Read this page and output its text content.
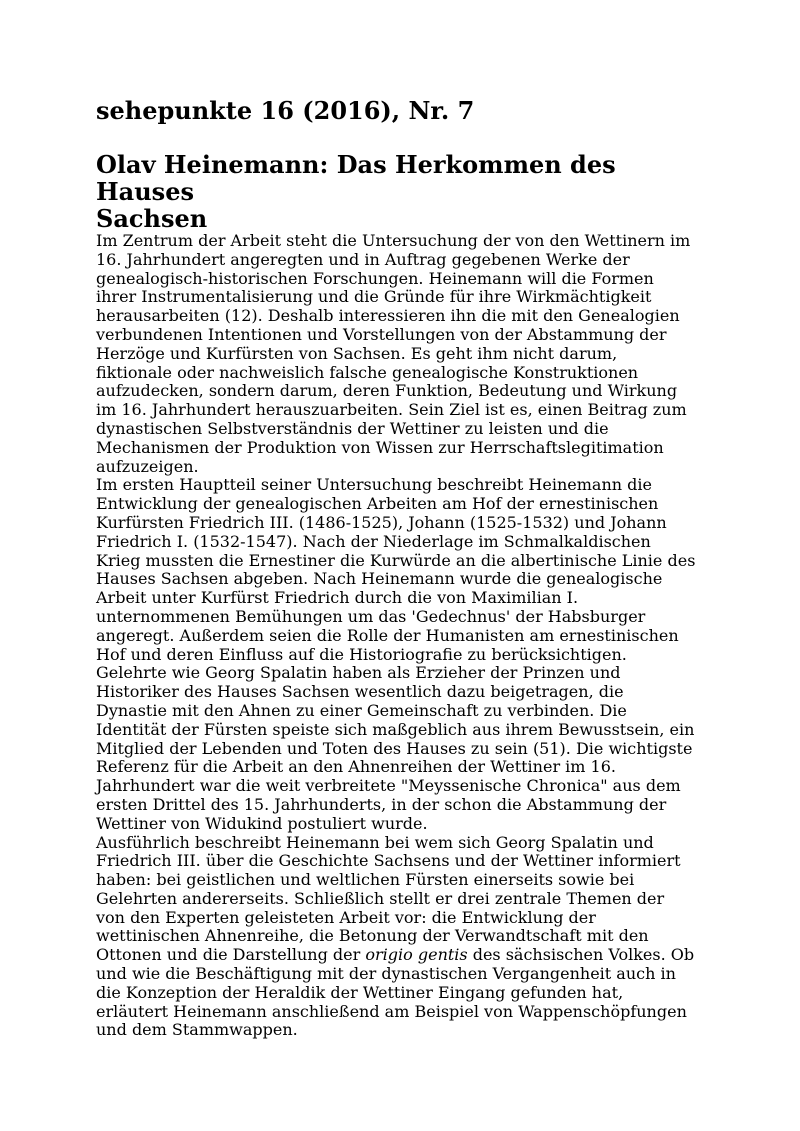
sehepunkte 16 (2016), Nr. 7
Olav Heinemann: Das Herkommen des Hauses
Sachsen

Im Zentrum der Arbeit steht die Untersuchung der von den Wettinern im
16. Jahrhundert angeregten und in Auftrag gegebenen Werke der
genealogisch-historischen Forschungen. Heinemann will die Formen
ihrer Instrumentalisierung und die Gründe für ihre Wirkmächtigkeit
herausarbeiten (12). Deshalb interessieren ihn die mit den Genealogien
verbundenen Intentionen und Vorstellungen von der Abstammung der
Herzöge und Kurfürsten von Sachsen. Es geht ihm nicht darum,
fiktionale oder nachweislich falsche genealogische Konstruktionen
aufzudecken, sondern darum, deren Funktion, Bedeutung und Wirkung
im 16. Jahrhundert herauszuarbeiten. Sein Ziel ist es, einen Beitrag zum
dynastischen Selbstverständnis der Wettiner zu leisten und die
Mechanismen der Produktion von Wissen zur Herrschaftslegitimation
aufzuzeigen.

Im ersten Hauptteil seiner Untersuchung beschreibt Heinemann die
Entwicklung der genealogischen Arbeiten am Hof der ernestinischen
Kurfürsten Friedrich III. (1486-1525), Johann (1525-1532) und Johann
Friedrich I. (1532-1547). Nach der Niederlage im Schmalkaldischen
Krieg mussten die Ernestiner die Kurwürde an die albertinische Linie des
Hauses Sachsen abgeben. Nach Heinemann wurde die genealogische
Arbeit unter Kurfürst Friedrich durch die von Maximilian I.
unternommenen Bemühungen um das 'Gedechnus' der Habsburger
angeregt. Außerdem seien die Rolle der Humanisten am ernestinischen
Hof und deren Einfluss auf die Historiografie zu berücksichtigen.
Gelehrte wie Georg Spalatin haben als Erzieher der Prinzen und
Historiker des Hauses Sachsen wesentlich dazu beigetragen, die
Dynastie mit den Ahnen zu einer Gemeinschaft zu verbinden. Die
Identität der Fürsten speiste sich maßgeblich aus ihrem Bewusstsein, ein
Mitglied der Lebenden und Toten des Hauses zu sein (51). Die wichtigste
Referenz für die Arbeit an den Ahnenreihen der Wettiner im 16.
Jahrhundert war die weit verbreitete "Meyssenische Chronica" aus dem
ersten Drittel des 15. Jahrhunderts, in der schon die Abstammung der
Wettiner von Widukind postuliert wurde.

Ausführlich beschreibt Heinemann bei wem sich Georg Spalatin und
Friedrich III. über die Geschichte Sachsens und der Wettiner informiert
haben: bei geistlichen und weltlichen Fürsten einerseits sowie bei
Gelehrten andererseits. Schließlich stellt er drei zentrale Themen der
von den Experten geleisteten Arbeit vor: die Entwicklung der
wettinischen Ahnenreihe, die Betonung der Verwandtschaft mit den
Ottonen und die Darstellung der origio gentis des sächsischen Volkes. Ob
und wie die Beschäftigung mit der dynastischen Vergangenheit auch in
die Konzeption der Heraldik der Wettiner Eingang gefunden hat,
erläutert Heinemann anschließend am Beispiel von Wappenschöpfungen
und dem Stammwappen.
